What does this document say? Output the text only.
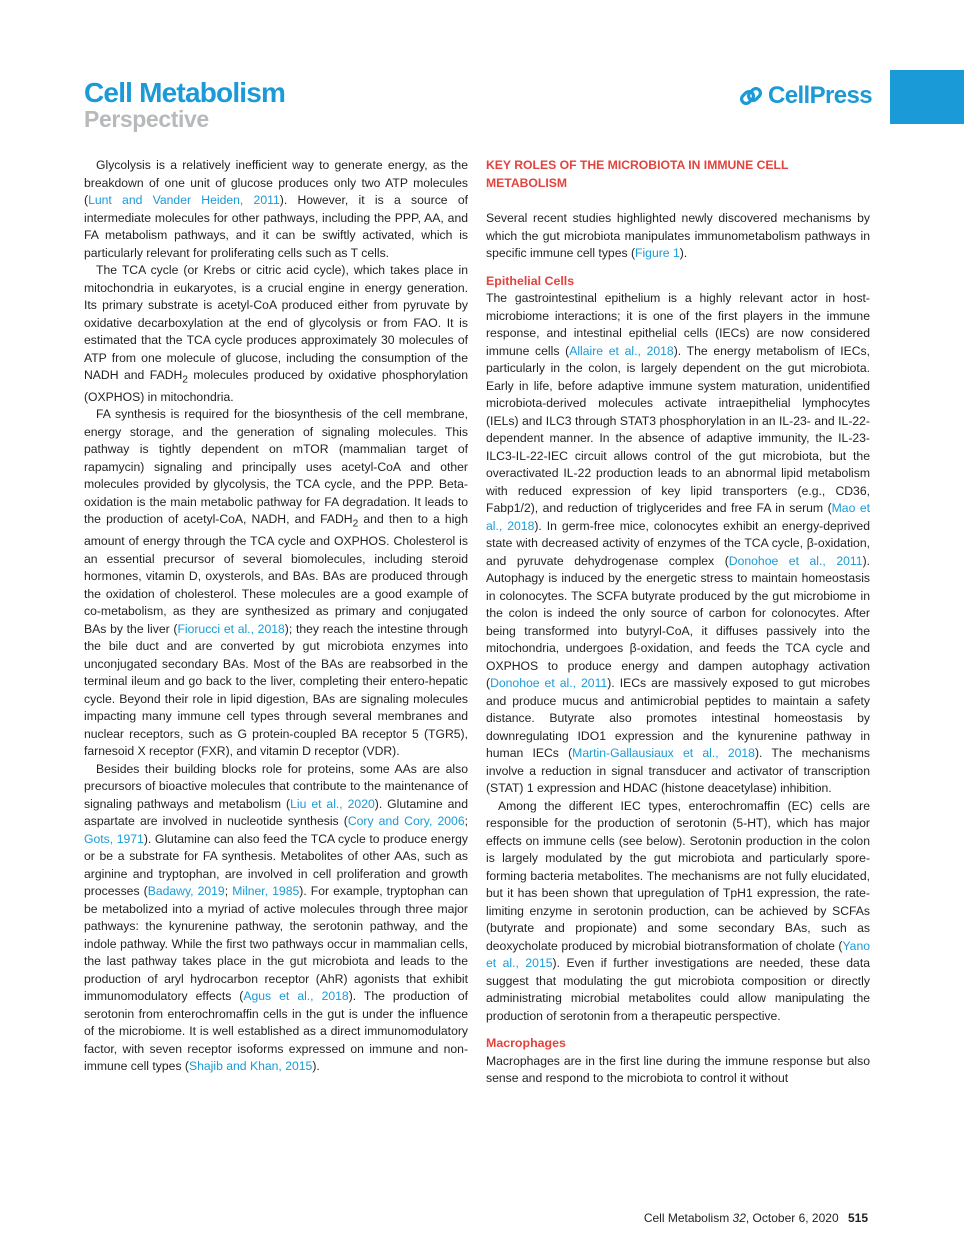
Cell Metabolism
Perspective
CellPress

Glycolysis is a relatively inefficient way to generate energy, as the breakdown of one unit of glucose produces only two ATP molecules (Lunt and Vander Heiden, 2011). However, it is a source of intermediate molecules for other pathways, including the PPP, AA, and FA metabolism pathways, and it can be swiftly activated, which is particularly relevant for proliferating cells such as T cells.

The TCA cycle (or Krebs or citric acid cycle), which takes place in mitochondria in eukaryotes, is a crucial engine in energy generation. Its primary substrate is acetyl-CoA produced either from pyruvate by oxidative decarboxylation at the end of glycolysis or from FAO. It is estimated that the TCA cycle produces approximately 30 molecules of ATP from one molecule of glucose, including the consumption of the NADH and $FADH_2$ molecules produced by oxidative phosphorylation (OXPHOS) in mitochondria.

FA synthesis is required for the biosynthesis of the cell membrane, energy storage, and the generation of signaling molecules. This pathway is tightly dependent on mTOR (mammalian target of rapamycin) signaling and principally uses acetyl-CoA and other molecules provided by glycolysis, the TCA cycle, and the PPP. Beta-oxidation is the main metabolic pathway for FA degradation. It leads to the production of acetyl-CoA, NADH, and $FADH_2$ and then to a high amount of energy through the TCA cycle and OXPHOS. Cholesterol is an essential precursor of several biomolecules, including steroid hormones, vitamin D, oxysterols, and BAs. BAs are produced through the oxidation of cholesterol. These molecules are a good example of co-metabolism, as they are synthesized as primary and conjugated BAs by the liver (Fiorucci et al., 2018); they reach the intestine through the bile duct and are converted by gut microbiota enzymes into unconjugated secondary BAs. Most of the BAs are reabsorbed in the terminal ileum and go back to the liver, completing their entero-hepatic cycle. Beyond their role in lipid digestion, BAs are signaling molecules impacting many immune cell types through several membranes and nuclear receptors, such as G protein-coupled BA receptor 5 (TGR5), farnesoid X receptor (FXR), and vitamin D receptor (VDR).

Besides their building blocks role for proteins, some AAs are also precursors of bioactive molecules that contribute to the maintenance of signaling pathways and metabolism (Liu et al., 2020). Glutamine and aspartate are involved in nucleotide synthesis (Cory and Cory, 2006; Gots, 1971). Glutamine can also feed the TCA cycle to produce energy or be a substrate for FA synthesis. Metabolites of other AAs, such as arginine and tryptophan, are involved in cell proliferation and growth processes (Badawy, 2019; Milner, 1985). For example, tryptophan can be metabolized into a myriad of active molecules through three major pathways: the kynurenine pathway, the serotonin pathway, and the indole pathway. While the first two pathways occur in mammalian cells, the last pathway takes place in the gut microbiota and leads to the production of aryl hydrocarbon receptor (AhR) agonists that exhibit immunomodulatory effects (Agus et al., 2018). The production of serotonin from enterochromaffin cells in the gut is under the influence of the microbiome. It is well established as a direct immunomodulatory factor, with seven receptor isoforms expressed on immune and non-immune cell types (Shajib and Khan, 2015).

KEY ROLES OF THE MICROBIOTA IN IMMUNE CELL METABOLISM

Several recent studies highlighted newly discovered mechanisms by which the gut microbiota manipulates immunometabolism pathways in specific immune cell types (Figure 1).

Epithelial Cells

The gastrointestinal epithelium is a highly relevant actor in host-microbiome interactions; it is one of the first players in the immune response, and intestinal epithelial cells (IECs) are now considered immune cells (Allaire et al., 2018). The energy metabolism of IECs, particularly in the colon, is largely dependent on the gut microbiota. Early in life, before adaptive immune system maturation, unidentified microbiota-derived molecules activate intraepithelial lymphocytes (IELs) and ILC3 through STAT3 phosphorylation in an IL-23- and IL-22-dependent manner. In the absence of adaptive immunity, the IL-23-ILC3-IL-22-IEC circuit allows control of the gut microbiota, but the overactivated IL-22 production leads to an abnormal lipid metabolism with reduced expression of key lipid transporters (e.g., CD36, Fabp1/2), and reduction of triglycerides and free FA in serum (Mao et al., 2018). In germ-free mice, colonocytes exhibit an energy-deprived state with decreased activity of enzymes of the TCA cycle, β-oxidation, and pyruvate dehydrogenase complex (Donohoe et al., 2011). Autophagy is induced by the energetic stress to maintain homeostasis in colonocytes. The SCFA butyrate produced by the gut microbiome in the colon is indeed the only source of carbon for colonocytes. After being transformed into butyryl-CoA, it diffuses passively into the mitochondria, undergoes β-oxidation, and feeds the TCA cycle and OXPHOS to produce energy and dampen autophagy activation (Donohoe et al., 2011). IECs are massively exposed to gut microbes and produce mucus and antimicrobial peptides to maintain a safety distance. Butyrate also promotes intestinal homeostasis by downregulating IDO1 expression and the kynurenine pathway in human IECs (Martin-Gallausiaux et al., 2018). The mechanisms involve a reduction in signal transducer and activator of transcription (STAT) 1 expression and HDAC (histone deacetylase) inhibition.

Among the different IEC types, enterochromaffin (EC) cells are responsible for the production of serotonin (5-HT), which has major effects on immune cells (see below). Serotonin production in the colon is largely modulated by the gut microbiota and particularly spore-forming bacteria metabolites. The mechanisms are not fully elucidated, but it has been shown that upregulation of TpH1 expression, the rate-limiting enzyme in serotonin production, can be achieved by SCFAs (butyrate and propionate) and some secondary BAs, such as deoxycholate produced by microbial biotransformation of cholate (Yano et al., 2015). Even if further investigations are needed, these data suggest that modulating the gut microbiota composition or directly administrating microbial metabolites could allow manipulating the production of serotonin from a therapeutic perspective.

Macrophages

Macrophages are in the first line during the immune response but also sense and respond to the microbiota to control it without

Cell Metabolism 32, October 6, 2020 515
